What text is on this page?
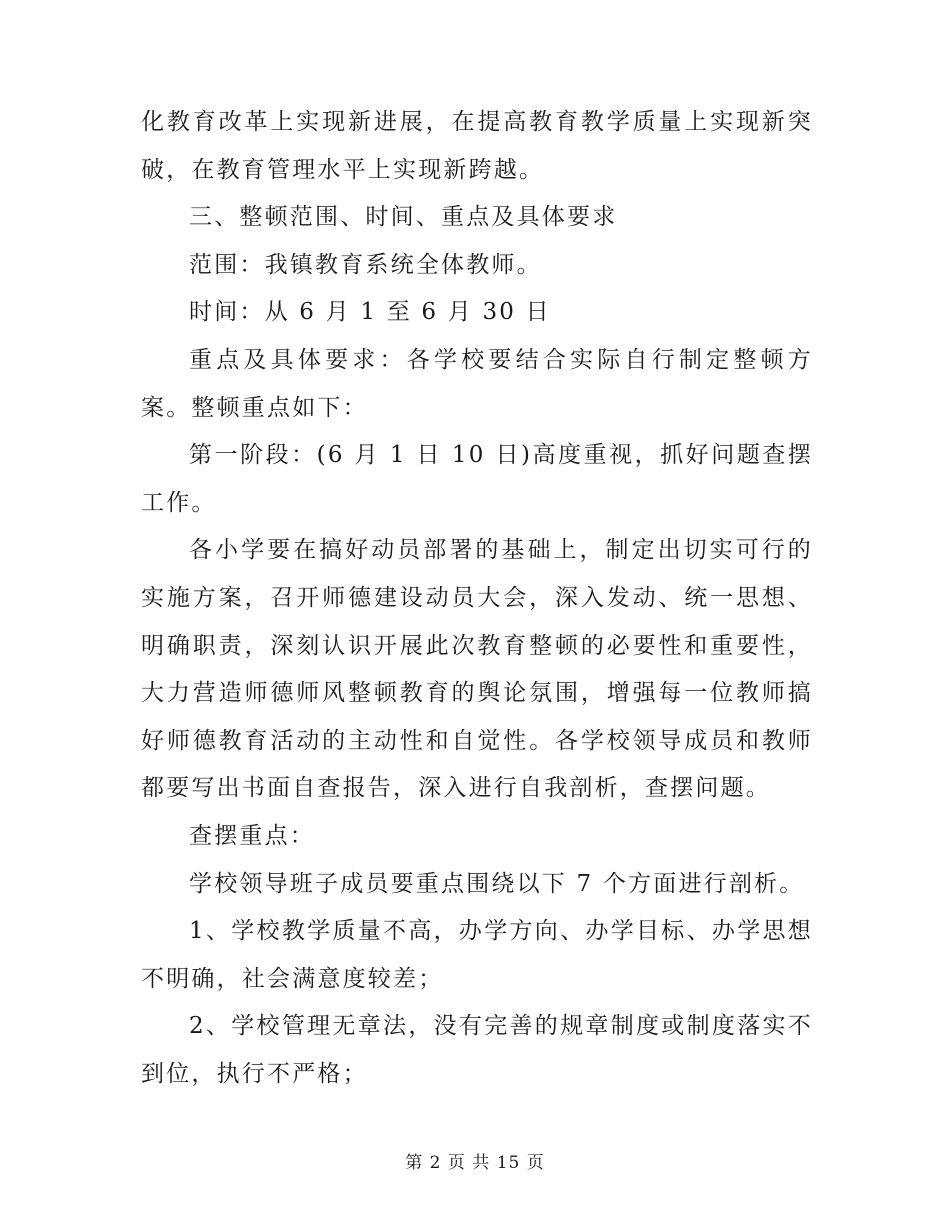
化教育改革上实现新进展，在提高教育教学质量上实现新突破，在教育管理水平上实现新跨越。

三、整顿范围、时间、重点及具体要求

范围：我镇教育系统全体教师。

时间：从 6 月 1 至 6 月 30 日

重点及具体要求：各学校要结合实际自行制定整顿方案。整顿重点如下：

第一阶段：(6 月 1 日 10 日)高度重视，抓好问题查摆工作。

各小学要在搞好动员部署的基础上，制定出切实可行的实施方案，召开师德建设动员大会，深入发动、统一思想、明确职责，深刻认识开展此次教育整顿的必要性和重要性，大力营造师德师风整顿教育的舆论氛围，增强每一位教师搞好师德教育活动的主动性和自觉性。各学校领导成员和教师都要写出书面自查报告，深入进行自我剖析，查摆问题。

查摆重点：

学校领导班子成员要重点围绕以下 7 个方面进行剖析。

1、学校教学质量不高，办学方向、办学目标、办学思想不明确，社会满意度较差；

2、学校管理无章法，没有完善的规章制度或制度落实不到位，执行不严格；

第 2 页 共 15 页
